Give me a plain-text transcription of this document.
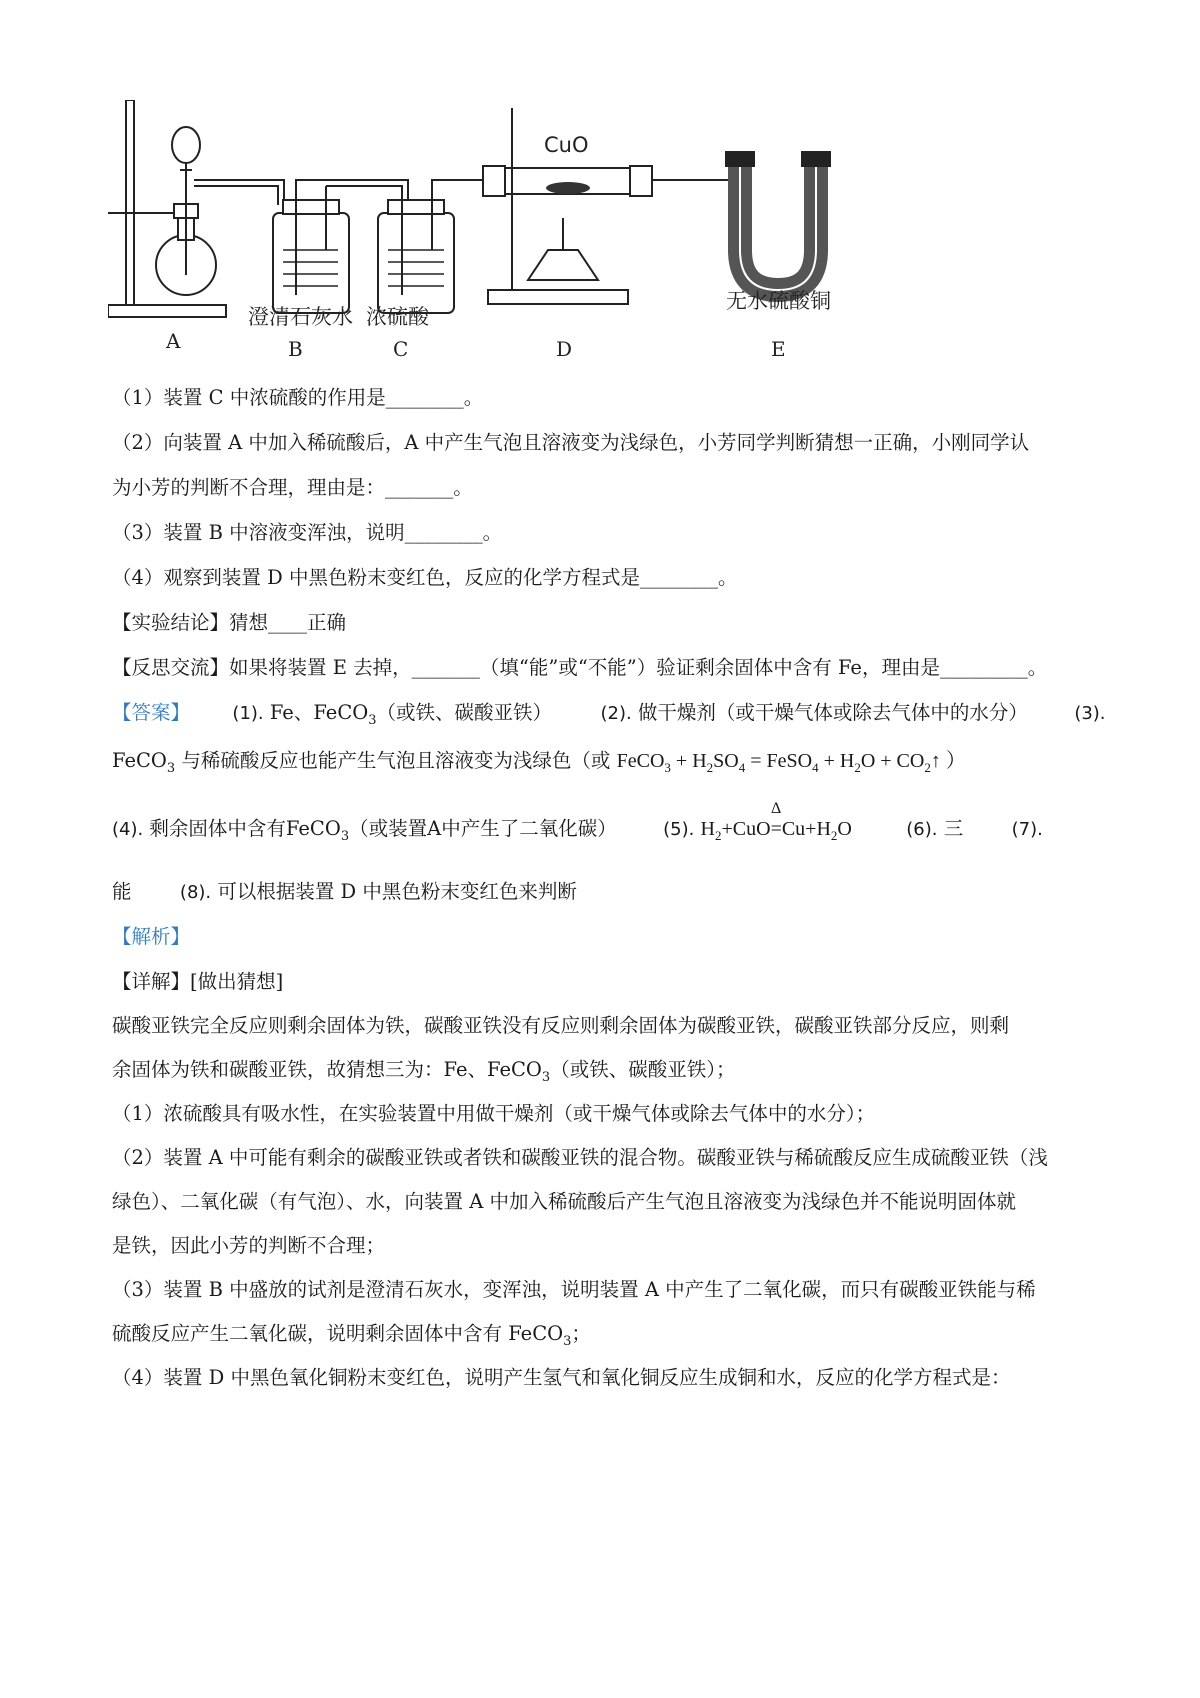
CuO
澄清石灰水 浓硫酸
无水硫酸铜
A	B	C	D	E
（1）装置 C 中浓硫酸的作用是________。
（2）向装置 A 中加入稀硫酸后，A 中产生气泡且溶液变为浅绿色，小芳同学判断猜想一正确，小刚同学认
为小芳的判断不合理，理由是：_______。
（3）装置 B 中溶液变浑浊，说明________。
（4）观察到装置 D 中黑色粉末变红色，反应的化学方程式是________。
【实验结论】猜想____正确
【反思交流】如果将装置 E 去掉，_______（填“能”或“不能”）验证剩余固体中含有 Fe，理由是_________。
【答案】 (1). Fe、FeCO$_3$（或铁、碳酸亚铁）	(2). 做干燥剂（或干燥气体或除去气体中的水分）	(3).
FeCO$_3$ 与稀硫酸反应也能产生气泡且溶液变为浅绿色（或 FeCO$_3$ + $H_2SO_4$ = FeSO$_4$ + $H_2O$ + $CO_2↑$ ）
(4). 剩余固体中含有FeCO$_3$（或装置A中产生了二氧化碳）	(5). $H_2+CuO$
Δ
$=Cu+H_2O$	(6). 三	(7).
能	(8). 可以根据装置 D 中黑色粉末变红色来判断
【解析】
【详解】[做出猜想]
碳酸亚铁完全反应则剩余固体为铁，碳酸亚铁没有反应则剩余固体为碳酸亚铁，碳酸亚铁部分反应，则剩
余固体为铁和碳酸亚铁，故猜想三为：Fe、FeCO$_3$（或铁、碳酸亚铁）；
（1）浓硫酸具有吸水性，在实验装置中用做干燥剂（或干燥气体或除去气体中的水分）；
（2）装置 A 中可能有剩余的碳酸亚铁或者铁和碳酸亚铁的混合物。碳酸亚铁与稀硫酸反应生成硫酸亚铁（浅
绿色）、二氧化碳（有气泡）、水，向装置 A 中加入稀硫酸后产生气泡且溶液变为浅绿色并不能说明固体就
是铁，因此小芳的判断不合理；
（3）装置 B 中盛放的试剂是澄清石灰水，变浑浊，说明装置 A 中产生了二氧化碳，而只有碳酸亚铁能与稀
硫酸反应产生二氧化碳，说明剩余固体中含有 FeCO$_3$；
（4）装置 D 中黑色氧化铜粉末变红色，说明产生氢气和氧化铜反应生成铜和水，反应的化学方程式是：
